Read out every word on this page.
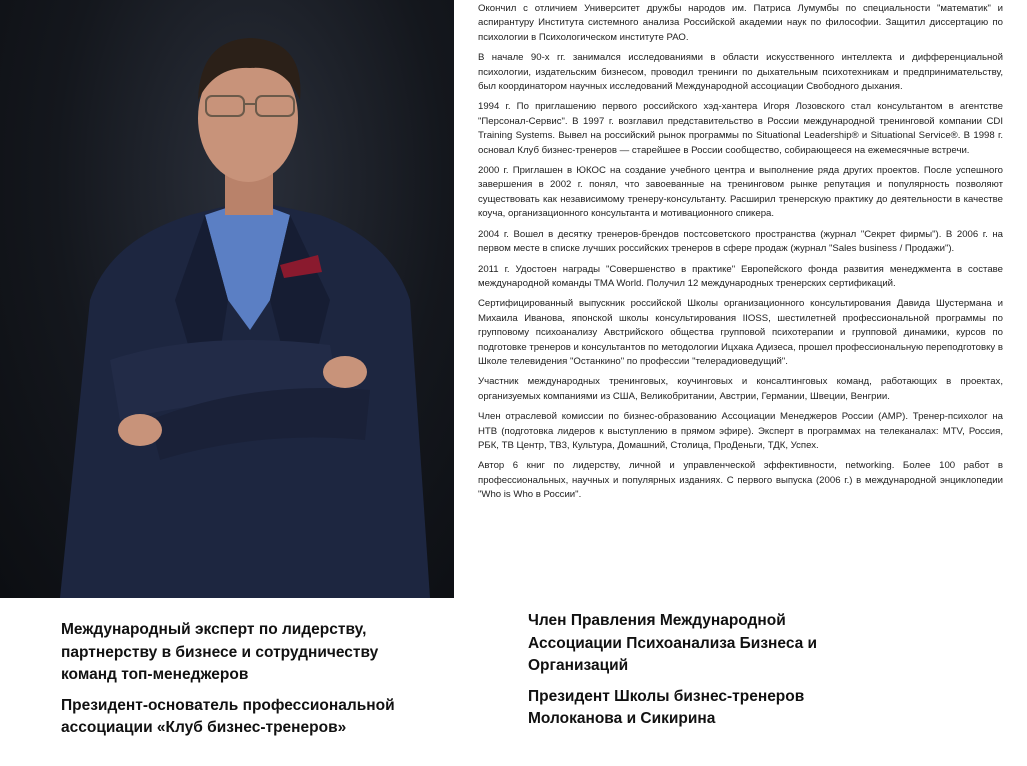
Окончил с отличием Университет дружбы народов им. Патриса Лумумбы по специальности "математик" и аспирантуру Института системного анализа Российской академии наук по философии. Защитил диссертацию по психологии в Психологическом институте РАО.

В начале 90-х гг. занимался исследованиями в области искусственного интеллекта и дифференциальной психологии, издательским бизнесом, проводил тренинги по дыхательным психотехникам и предпринимательству, был координатором научных исследований Международной ассоциации Свободного дыхания.

1994 г. По приглашению первого российского хэд-хантера Игоря Лозовского стал консультантом в агентстве "Персонал-Сервис". В 1997 г. возглавил представительство в России международной тренинговой компании CDI Training Systems. Вывел на российский рынок программы по Situational Leadership® и Situational Service®. В 1998 г. основал Клуб бизнес-тренеров — старейшее в России сообщество, собирающееся на ежемесячные встречи.

2000 г. Приглашен в ЮКОС на создание учебного центра и выполнение ряда других проектов. После успешного завершения в 2002 г. понял, что завоеванные на тренинговом рынке репутация и популярность позволяют существовать как независимому тренеру-консультанту. Расширил тренерскую практику до деятельности в качестве коуча, организационного консультанта и мотивационного спикера.

2004 г. Вошел в десятку тренеров-брендов постсоветского пространства (журнал "Секрет фирмы"). В 2006 г. на первом месте в списке лучших российских тренеров в сфере продаж (журнал "Sales business / Продажи").

2011 г. Удостоен награды "Совершенство в практике" Европейского фонда развития менеджмента в составе международной команды TMA World. Получил 12 международных тренерских сертификаций.

Сертифицированный выпускник российской Школы организационного консультирования Давида Шустермана и Михаила Иванова, японской школы консультирования IIOSS, шестилетней профессиональной программы по групповому психоанализу Австрийского общества групповой психотерапии и групповой динамики, курсов по подготовке тренеров и консультантов по методологии Ицхака Адизеса, прошел профессиональную переподготовку в Школе телевидения "Останкино" по профессии "телерадиоведущий".

Участник международных тренинговых, коучинговых и консалтинговых команд, работающих в проектах, организуемых компаниями из США, Великобритании, Австрии, Германии, Швеции, Венгрии.

Член отраслевой комиссии по бизнес-образованию Ассоциации Менеджеров России (АМР). Тренер-психолог на НТВ (подготовка лидеров к выступлению в прямом эфире). Эксперт в программах на телеканалах: MTV, Россия, РБК, ТВ Центр, ТВ3, Культура, Домашний, Столица, ПроДеньги, ТДК, Успех.

Автор 6 книг по лидерству, личной и управленческой эффективности, networking. Более 100 работ в профессиональных, научных и популярных изданиях. С первого выпуска (2006 г.) в международной энциклопедии "Who is Who в России".

Международный эксперт по лидерству, партнерству в бизнесе и сотрудничеству команд топ-менеджеров

Президент-основатель профессиональной ассоциации «Клуб бизнес-тренеров»

Член Правления Международной Ассоциации Психоанализа Бизнеса и Организаций

Президент Школы бизнес-тренеров Молоканова и Сикирина
